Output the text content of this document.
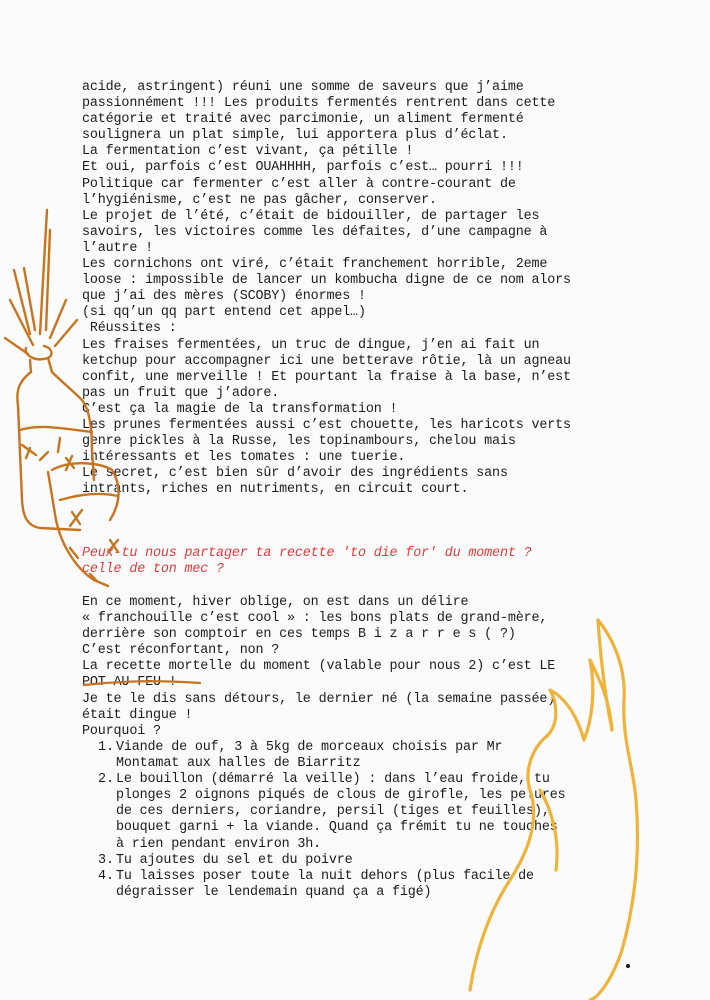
acide, astringent) réuni une somme de saveurs que j’aime
passionnément !!! Les produits fermentés rentrent dans cette
catégorie et traité avec parcimonie, un aliment fermenté
soulignera un plat simple, lui apportera plus d’éclat.
La fermentation c’est vivant, ça pétille !
Et oui, parfois c’est OUAHHHH, parfois c’est… pourri !!!
Politique car fermenter c’est aller à contre-courant de
l’hygiénisme, c’est ne pas gâcher, conserver.
Le projet de l’été, c’était de bidouiller, de partager les
savoirs, les victoires comme les défaites, d’une campagne à
l’autre !
Les cornichons ont viré, c’était franchement horrible, 2eme
loose : impossible de lancer un kombucha digne de ce nom alors
que j’ai des mères (SCOBY) énormes !
(si qq’un qq part entend cet appel…)
Réussites :
Les fraises fermentées, un truc de dingue, j’en ai fait un
ketchup pour accompagner ici une betterave rôtie, là un agneau
confit, une merveille ! Et pourtant la fraise à la base, n’est
pas un fruit que j’adore.
C’est ça la magie de la transformation !
Les prunes fermentées aussi c’est chouette, les haricots verts
genre pickles à la Russe, les topinambours, chelou mais
intéressants et les tomates : une tuerie.
Le secret, c’est bien sûr d’avoir des ingrédients sans
intrants, riches en nutriments, en circuit court.
Peux-tu nous partager ta recette 'to die for' du moment ?
celle de ton mec ?
En ce moment, hiver oblige, on est dans un délire
« franchouille c’est cool » : les bons plats de grand-mère,
derrière son comptoir en ces temps B i z a r r e s ( ?)
C’est réconfortant, non ?
La recette mortelle du moment (valable pour nous 2) c’est LE
POT AU FEU !
Je te le dis sans détours, le dernier né (la semaine passée)
était dingue !
Pourquoi ?
1. Viande de ouf, 3 à 5kg de morceaux choisis par Mr
Montamat aux halles de Biarritz
2. Le bouillon (démarré la veille) : dans l’eau froide, tu
plonges 2 oignons piqués de clous de girofle, les pelures
de ces derniers, coriandre, persil (tiges et feuilles),
bouquet garni + la viande. Quand ça frémit tu ne touches
à rien pendant environ 3h.
3. Tu ajoutes du sel et du poivre
4. Tu laisses poser toute la nuit dehors (plus facile de
dégraisser le lendemain quand ça a figé)
